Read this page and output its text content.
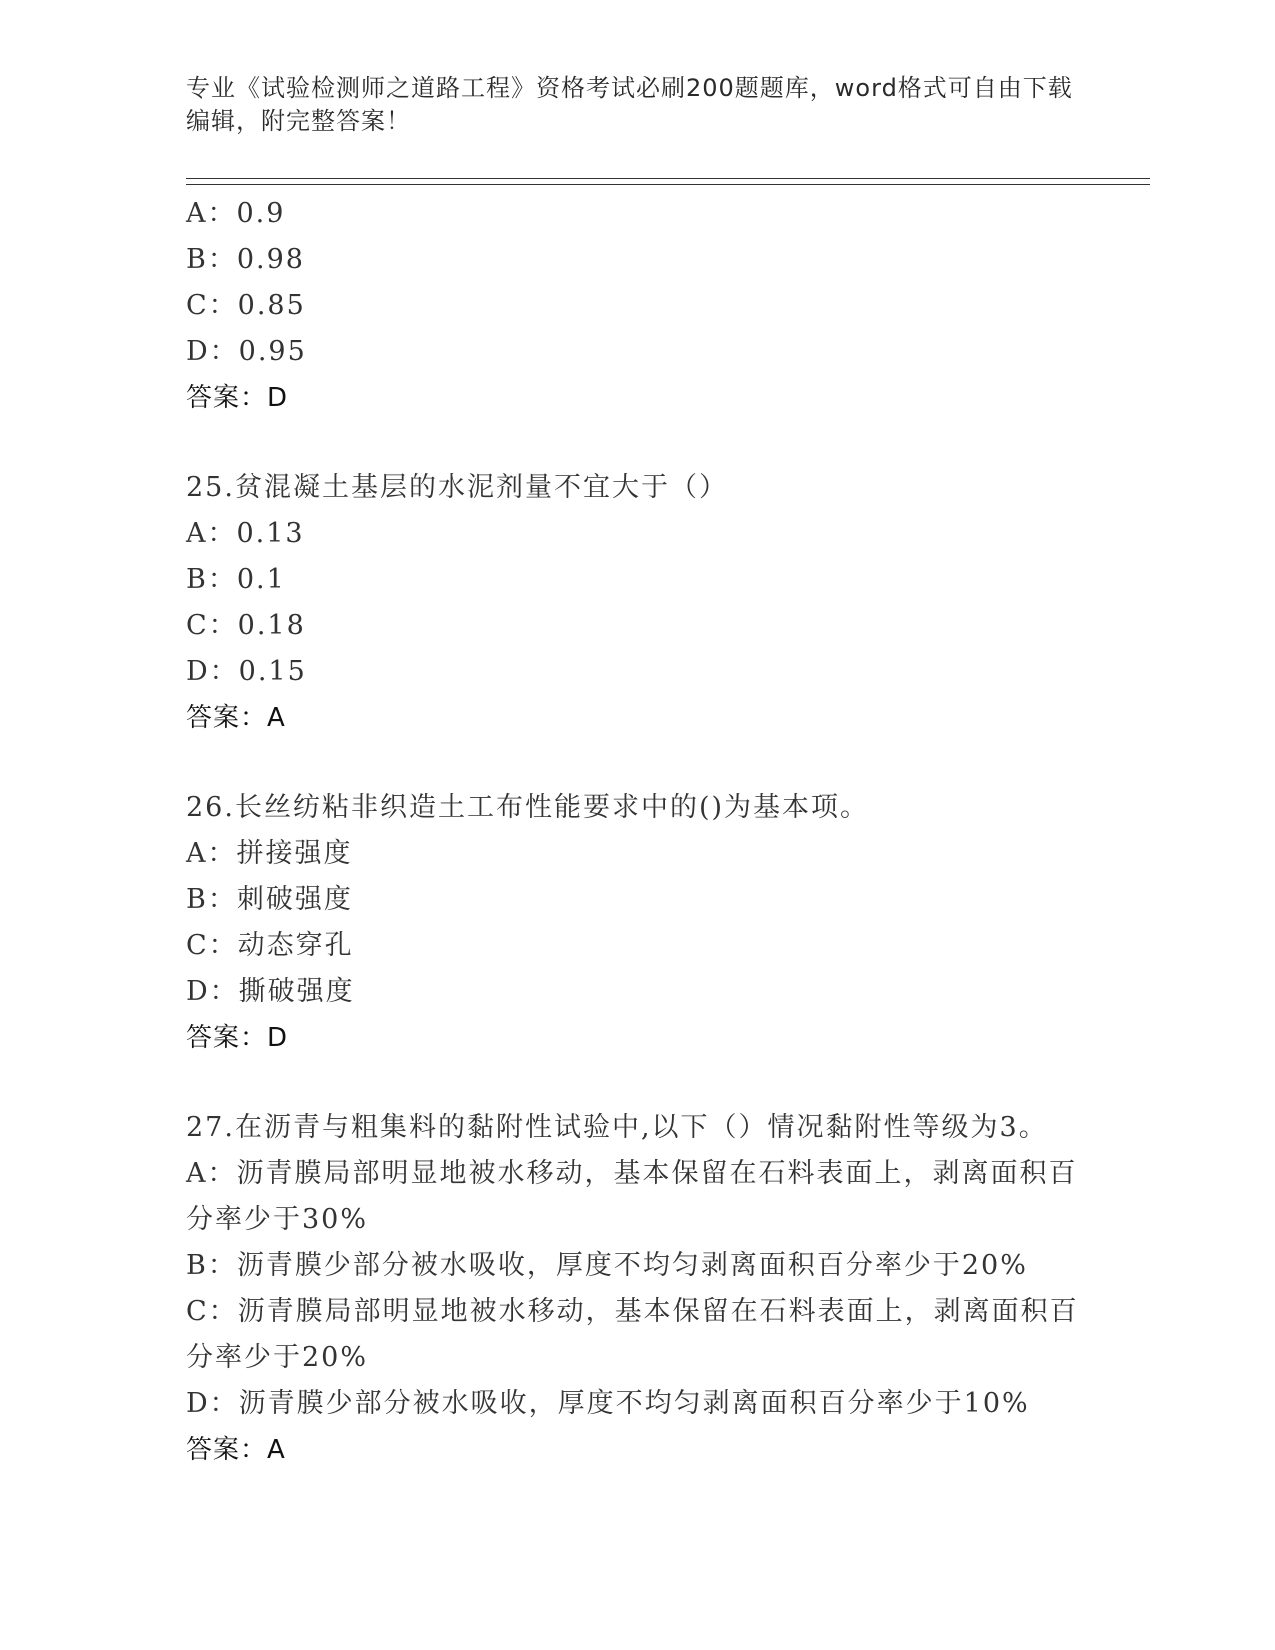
专业《试验检测师之道路工程》资格考试必刷200题题库，word格式可自由下载
编辑，附完整答案！
A：0.9
B：0.98
C：0.85
D：0.95
答案：D
25.贫混凝土基层的水泥剂量不宜大于（）
A：0.13
B：0.1
C：0.18
D：0.15
答案：A
26.长丝纺粘非织造土工布性能要求中的()为基本项。
A：拼接强度
B：刺破强度
C：动态穿孔
D：撕破强度
答案：D
27.在沥青与粗集料的黏附性试验中,以下（）情况黏附性等级为3。
A：沥青膜局部明显地被水移动，基本保留在石料表面上，剥离面积百
分率少于30%
B：沥青膜少部分被水吸收，厚度不均匀剥离面积百分率少于20%
C：沥青膜局部明显地被水移动，基本保留在石料表面上，剥离面积百
分率少于20%
D：沥青膜少部分被水吸收，厚度不均匀剥离面积百分率少于10%
答案：A
